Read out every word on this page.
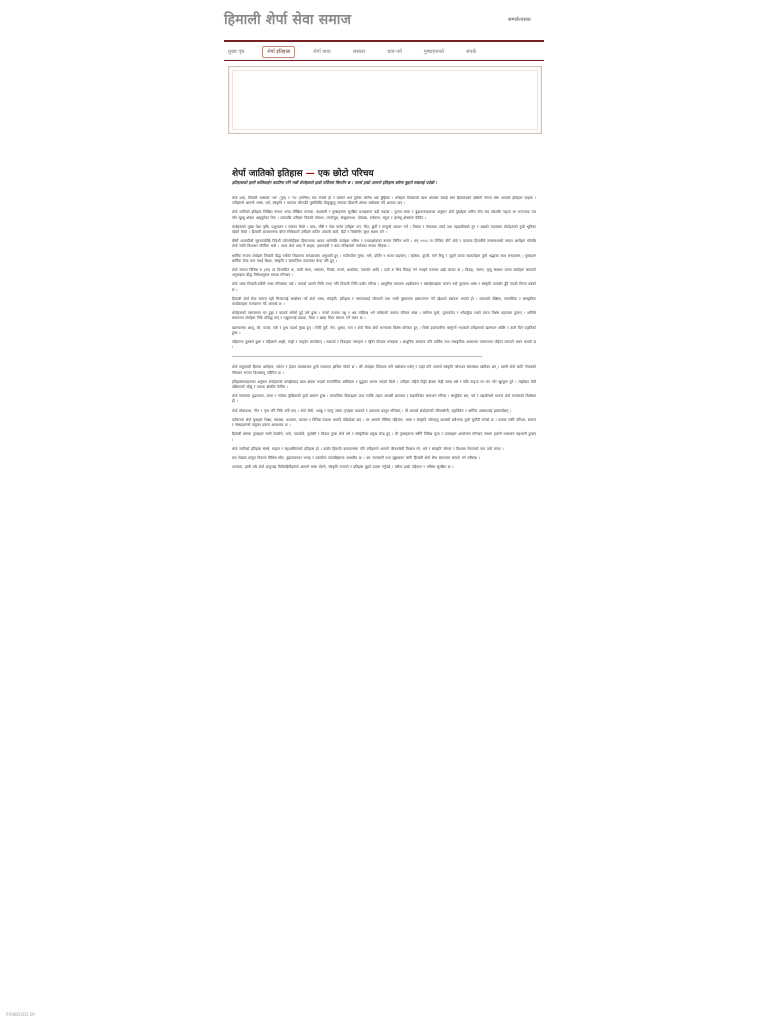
हिमाली शेर्पा सेवा समाज	सम्पर्कःनसक
मुख्य पृष्ठ	शेर्पा इतिहास	शेर्पा कथा	संस्कार	चाड-पर्व	गुम्बाहरूको	संपर्क
शेर्पा जातिको इतिहास — एक छोटो परिचय
इतिहासको हामी कसिलाईन काठीमा पनि गर्छौ शेर्पाहरूले हाम्रो पर्वितमा बिगतीर छ । तसर्थ हाम्रो आफ्नो इतिहास बारेमा बुझ्नो सबलाई पर्दछौ ।

शेर्पा शब्द, तिब्बती भाषाको 'शर' (पूर्व) र 'पा' (मानिस) बाट बनेको हो र यसको अर्थ पूर्वका मानिस भन्ने बुझिन्छ । शेर्पाहरू तिब्बतको खाम क्षेत्रबाट बसाइँ सरेर हिमालयको दक्षिणी भेगमा बस्न आएको इतिहास पाइन्छ । उनीहरूले आफ्नो भाषा, धर्म, संस्कृति र परम्परा जोगाउँदै पुस्तौंदेखि सोलुखुम्बु लगायत हिमाली क्षेत्रमा बसोबास गर्दै आएका छन् ।

शेर्पा जातिको इतिहास लिखित रूपमा भन्दा मौखिक परम्परा, वंशावली र गुम्बाहरूमा सुरक्षित ग्रन्थहरूमा बढी पाइन्छ । पुराना लामा र बुढापाकाहरूका अनुसार शेर्पा पुर्खाहरू करिब पाँच सय वर्षअघि नाङ्पा ला भञ्ज्याङ पार गरेर खुम्बु क्षेत्रमा आइपुगेका थिए । त्यसपछि उनीहरू विस्तारै पाँचथर, ताप्लेजुङ, संखुवासभा, दोलखा, रामेछाप, रसुवा र हेलम्बु क्षेत्रसम्म फैलिए ।

शेर्पाहरूको मुख्य पेशा कृषि, पशुपालन र व्यापार थियो । याक, चौंरी र भेडा पालेर उनीहरू ऊन, घिउ, छुर्पी र मासुको व्यापार गर्थे । तिब्बत र नेपालका तराई तथा पहाडबीचको नुन र अन्नको व्यापारमा शेर्पाहरूको ठूलो भूमिका रहेको थियो । हिमाली वातावरणमा बाँच्न सिकेकाले उनीहरू कठिन उकालो बाटो, हिउँ र चिसोसँग जुध्न सक्षम बने ।

बीसौं शताब्दीको सुरुवातदेखि विदेशी पर्वतारोहीहरू हिमालयमा आउन थालेपछि शेर्पाहरू भरिया र पथप्रदर्शकका रूपमा चिनिन थाले । सन् १९५३ मा तेन्जिङ नोर्गे शेर्पा र एडमण्ड हिलारीले सगरमाथाको सफल आरोहण गरेपछि शेर्पा जाति विश्वभर परिचित भयो । आज शेर्पा शब्द नै साहस, इमानदारी र कडा परिश्रमको पर्यायका रूपमा लिइन्छ ।

धार्मिक रूपमा शेर्पाहरू तिब्बती बौद्ध धर्मको ञिङमापा सम्प्रदायका अनुयायी हुन् । गाउँगाउँमा गुम्बा, माने, छोर्तेन र ध्वजा पाइन्छन् । ल्होसार, दुम्जी, माने रिम्दु र ञुङ्ने जस्ता चाडपर्वहरू ठूलो श्रद्धाका साथ मनाइन्छन् । गुम्बाहरू धार्मिक केन्द्र मात्र नभई शिक्षा, संस्कृति र सामाजिक एकताका केन्द्र पनि हुन् ।

शेर्पा समाज विभिन्न रु (थर) मा विभाजित छ, जस्तै लामा, सलाका, पिन्छो, गार्जा, थाक्तोक, पाल्जोर आदि । एउटै रु भित्र विवाह गर्न नपाइने परम्परा अझै कायम छ । विवाह, न्वारन, मृत्यु संस्कार जस्ता कार्यहरू लामाको अगुवाइमा बौद्ध विधिअनुसार सम्पन्न गरिन्छन् ।

शेर्पा भाषा तिब्बती-बर्मेली भाषा परिवारमा पर्छ । यसको आफ्नै लिपि नभए पनि तिब्बती लिपि प्रयोग गरिन्छ । आधुनिक समयमा शहरीकरण र बसाइँसराइका कारण नयाँ पुस्तामा भाषा र संस्कृति कमजोर हुँदै गएको चिन्ता बढेको छ ।

हिमाली शेर्पा सेवा समाज यही चिन्तालाई सम्बोधन गर्दै शेर्पा भाषा, संस्कृति, इतिहास र परम्परालाई जोगाउने तथा भावी पुस्तासम्म हस्तान्तरण गर्ने उद्देश्यले स्थापना भएको हो । समाजले शैक्षिक, सामाजिक र सांस्कृतिक कार्यक्रमहरू सञ्चालन गर्दै आएको छ ।

शेर्पाहरूको परम्परागत घर ढुङ्गा र काठले बनेको दुई तले हुन्छ । तल्लो तलामा पशु र अन्न राखिन्छ भने माथिल्लो तलामा परिवार बस्छ । घरभित्र चुलो, पूजाकोठा र भाँडाकुँडा राख्ने दराज विशेष महत्त्वका हुन्छन् । अतिथि सत्कारमा शेर्पाहरू निकै प्रसिद्ध छन् र पाहुनालाई छ्याङ, चिया र खादा दिएर स्वागत गर्ने चलन छ ।

खानपानमा आलु, जौ, फापर, मकै र दुग्ध पदार्थ मुख्य हुन् । रिकी कुर्रे, सेन, थुक्पा, मःम र शेर्पा चिया शेर्पा भान्साका विशेष परिकार हुन् । चिसो हावापानीमा बस्नुपर्ने भएकाले उनीहरूको खानपान शक्ति र तातो दिने प्रकृतिको हुन्छ ।

पहिरनमा पुरुषले छुबा र महिलाले आङ्गी, ताङ्गो र पाङ्देन लगाउँछन् । चाडपर्व र विवाहमा गरगहना र रङ्गीन पोसाक लगाइन्छ । आधुनिक समयमा पनि धार्मिक तथा सांस्कृतिक अवसरमा परम्परागत पहिरन लगाउने चलन कायमै छ ।

शेर्पा समुदायले हिमाल आरोहण, पर्यटन र होटल व्यवसायमा ठूलो सफलता हासिल गरेको छ । धेरै शेर्पाहरू विदेशमा पनि बसोबास गर्छन् र त्यहाँ पनि आफ्नो संस्कृति जोगाउन संघसंस्था खोलेका छन् । यसरी शेर्पा जाति नेपालको गौरवका रूपमा विश्वसामु परिचित छ ।

इतिहासकारहरूका अनुसार शेर्पाहरूको बसाइँसराइ खाम क्षेत्रमा भएको राजनीतिक अस्थिरता र युद्धका कारण भएको थियो । उनीहरू पहिले तिङ्री क्षेत्रमा केही समय बसे र पछि नाङ्पा ला पार गरेर खुम्बुमा पुगे । त्यहाँबाट फेरि दक्षिणतर्फ सोलु र फराक क्षेत्रतिर फैलिए ।

शेर्पा समाजमा बुढापाका, लामा र गाउँका मुखियाको ठूलो सम्मान हुन्छ । सामाजिक विवादहरू प्रायः गाउँकै तहमा आपसी छलफल र सहमतिबाट समाधान गरिन्छ । सामूहिक श्रम, पर्म र सहयोगको भावना शेर्पा समाजको विशेषता हो ।

शेर्पा लोककथा, गीत र नृत्य पनि निकै धनी छन् । शेर्पा सेलो, श्याब्रु र घान्टु जस्ता नृत्यहरू चाडपर्व र उत्सवमा प्रस्तुत गरिन्छन् । यी कलाले शेर्पाहरूको जीवनशैली, प्रकृतिप्रेम र धार्मिक आस्थालाई झल्काउँछन् ।

वर्तमानमा शेर्पा युवाहरू शिक्षा, स्वास्थ्य, प्रशासन, व्यापार र विभिन्न पेशामा अगाडि बढिरहेका छन् । तर आफ्नो मौलिक पहिचान, भाषा र संस्कृति जोगाउनु आजको सबैभन्दा ठूलो चुनौती बनेको छ । यसका लागि परिवार, समाज र संस्थाहरूको संयुक्त प्रयास आवश्यक छ ।

हिमाली क्षेत्रका गुम्बाहरू जस्तै टेङबोचे, थामे, पाङबोचे, जुन्बेसी र चिवाङ गुम्बा शेर्पा धर्म र संस्कृतिका प्रमुख केन्द्र हुन् । यी गुम्बाहरूमा वर्षेनि विभिन्न पूजा र उत्सवहरू आयोजना गरिन्छन् जसमा हजारौं भक्तजन सहभागी हुन्छन् ।

शेर्पा जातिको इतिहास संघर्ष, साहस र सहअस्तित्वको इतिहास हो । कठोर हिमाली वातावरणमा पनि उनीहरूले आफ्नो जीवनशैली विकास गरे, धर्म र संस्कृति जोगाए र विश्वमा नेपालको नाम उचो बनाए ।

यस लेखमा प्रस्तुत विवरण विभिन्न स्रोत, बुढापाकाका भनाइ र प्रकाशित सामग्रीहरूमा आधारित छ । थप जानकारी तथा सुझावका लागि हिमाली शेर्पा सेवा समाजमा सम्पर्क गर्न सकिन्छ ।

अन्त्यमा, हामी सबै शेर्पा दाजुभाइ दिदीबहिनीहरूले आफ्नो भाषा बोल्ने, संस्कृति मनाउने र इतिहास बुझ्ने प्रयास गर्नुपर्छ । यसैमा हाम्रो पहिचान र भविष्य सुरक्षित छ ।

POWERED BY
